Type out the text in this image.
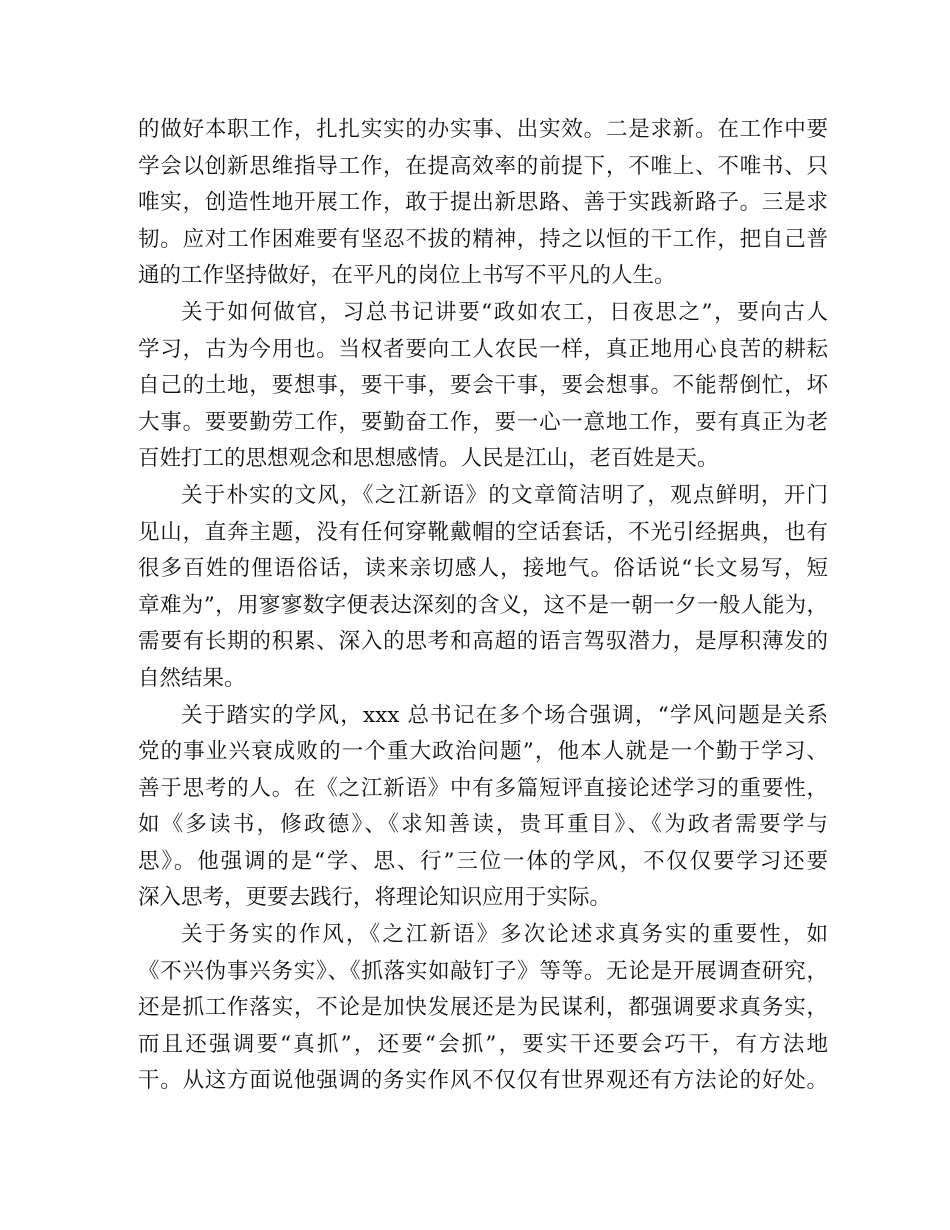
的做好本职工作，扎扎实实的办实事、出实效。二是求新。在工作中要
学会以创新思维指导工作，在提高效率的前提下，不唯上、不唯书、只
唯实，创造性地开展工作，敢于提出新思路、善于实践新路子。三是求
韧。应对工作困难要有坚忍不拔的精神，持之以恒的干工作，把自己普
通的工作坚持做好，在平凡的岗位上书写不平凡的人生。
关于如何做官，习总书记讲要“政如农工，日夜思之”，要向古人
学习，古为今用也。当权者要向工人农民一样，真正地用心良苦的耕耘
自己的土地，要想事，要干事，要会干事，要会想事。不能帮倒忙，坏
大事。要要勤劳工作，要勤奋工作，要一心一意地工作，要有真正为老
百姓打工的思想观念和思想感情。人民是江山，老百姓是天。
关于朴实的文风，《之江新语》的文章简洁明了，观点鲜明，开门
见山，直奔主题，没有任何穿靴戴帽的空话套话，不光引经据典，也有
很多百姓的俚语俗话，读来亲切感人，接地气。俗话说“长文易写，短
章难为”，用寥寥数字便表达深刻的含义，这不是一朝一夕一般人能为，
需要有长期的积累、深入的思考和高超的语言驾驭潜力，是厚积薄发的
自然结果。
关于踏实的学风，xxx 总书记在多个场合强调，“学风问题是关系
党的事业兴衰成败的一个重大政治问题”，他本人就是一个勤于学习、
善于思考的人。在《之江新语》中有多篇短评直接论述学习的重要性，
如《多读书，修政德》、《求知善读，贵耳重目》、《为政者需要学与
思》。他强调的是“学、思、行”三位一体的学风，不仅仅要学习还要
深入思考，更要去践行，将理论知识应用于实际。
关于务实的作风，《之江新语》多次论述求真务实的重要性，如
《不兴伪事兴务实》、《抓落实如敲钉子》等等。无论是开展调查研究，
还是抓工作落实，不论是加快发展还是为民谋利，都强调要求真务实，
而且还强调要“真抓”，还要“会抓”，要实干还要会巧干，有方法地
干。从这方面说他强调的务实作风不仅仅有世界观还有方法论的好处。
